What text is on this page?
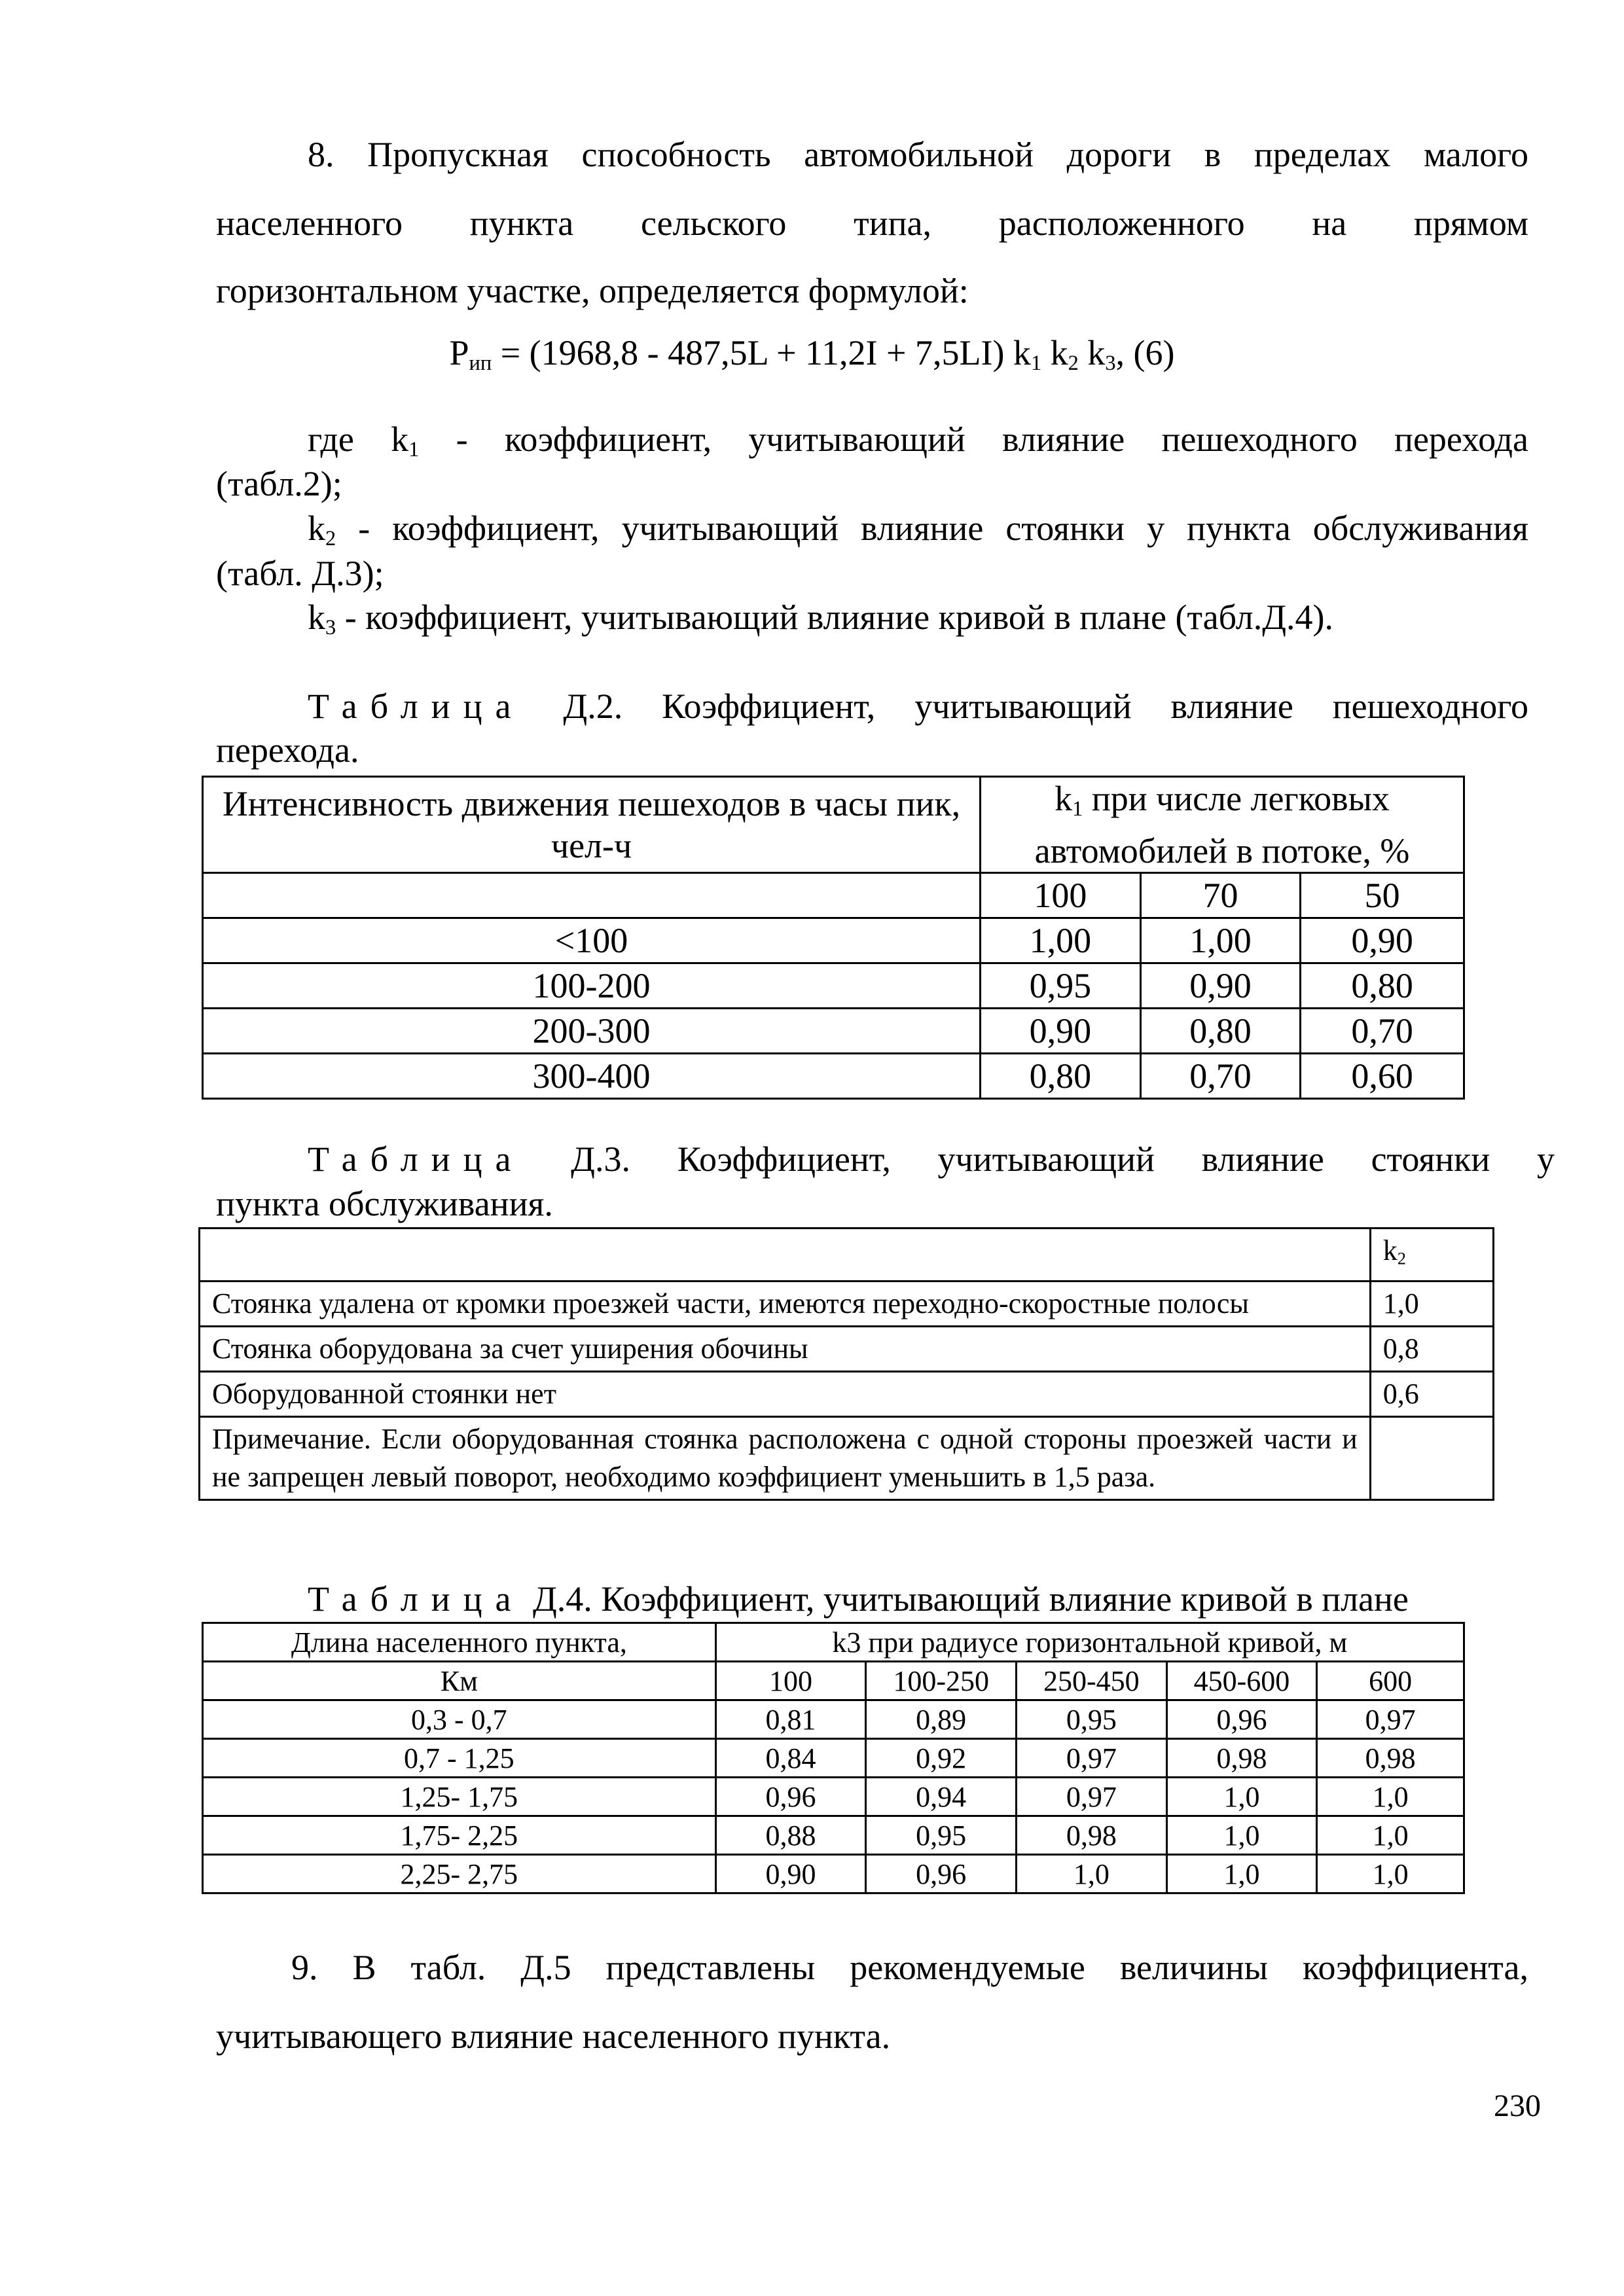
8. Пропускная способность автомобильной дороги в пределах малого
населенного пункта сельского типа, расположенного на прямом
горизонтальном участке, определяется формулой:
$P_{ип} = (1968,8 - 487,5L + 11,2I + 7,5LI)$ $k_1$ $k_2$ $k_3$, (6)
где $k_1$ - коэффициент, учитывающий влияние пешеходного перехода
(табл.2);
$k_2$ - коэффициент, учитывающий влияние стоянки у пункта обслуживания
(табл. Д.3);
$k_3$ - коэффициент, учитывающий влияние кривой в плане (табл.Д.4).
Таблица Д.2. Коэффициент, учитывающий влияние пешеходного
перехода.
Интенсивность движения пешеходов в часы пик, чел-ч	$k_1$ при числе легковых автомобилей в потоке, %		
	100	70	50
<100	1,00	1,00	0,90
100-200	0,95	0,90	0,80
200-300	0,90	0,80	0,70
300-400	0,80	0,70	0,60
Таблица Д.3. Коэффициент, учитывающий влияние стоянки у
пункта обслуживания.
	$k_2$
Стоянка удалена от кромки проезжей части, имеются переходно-скоростные полосы	1,0
Стоянка оборудована за счет уширения обочины	0,8
Оборудованной стоянки нет	0,6
Примечание. Если оборудованная стоянка расположена с одной стороны проезжей части и не запрещен левый поворот, необходимо коэффициент уменьшить в 1,5 раза.	
Таблица Д.4. Коэффициент, учитывающий влияние кривой в плане
Длина населенного пункта,	k3 при радиусе горизонтальной кривой, м				
Км	100	100-250	250-450	450-600	600
0,3 - 0,7	0,81	0,89	0,95	0,96	0,97
0,7 - 1,25	0,84	0,92	0,97	0,98	0,98
1,25- 1,75	0,96	0,94	0,97	1,0	1,0
1,75- 2,25	0,88	0,95	0,98	1,0	1,0
2,25- 2,75	0,90	0,96	1,0	1,0	1,0
9. В табл. Д.5 представлены рекомендуемые величины коэффициента,
учитывающего влияние населенного пункта.
230
